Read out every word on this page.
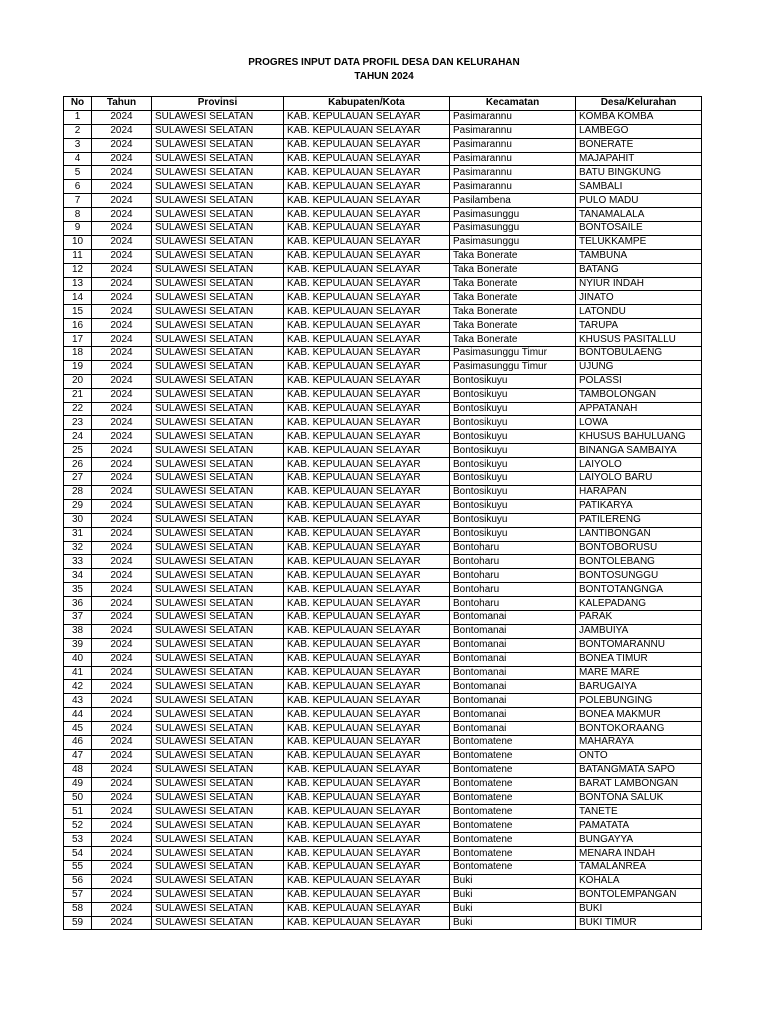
PROGRES INPUT DATA PROFIL DESA DAN KELURAHAN
TAHUN 2024
No	Tahun	Provinsi	Kabupaten/Kota	Kecamatan	Desa/Kelurahan
1	2024	SULAWESI SELATAN	KAB. KEPULAUAN SELAYAR	Pasimarannu	KOMBA KOMBA
2	2024	SULAWESI SELATAN	KAB. KEPULAUAN SELAYAR	Pasimarannu	LAMBEGO
3	2024	SULAWESI SELATAN	KAB. KEPULAUAN SELAYAR	Pasimarannu	BONERATE
4	2024	SULAWESI SELATAN	KAB. KEPULAUAN SELAYAR	Pasimarannu	MAJAPAHIT
5	2024	SULAWESI SELATAN	KAB. KEPULAUAN SELAYAR	Pasimarannu	BATU BINGKUNG
6	2024	SULAWESI SELATAN	KAB. KEPULAUAN SELAYAR	Pasimarannu	SAMBALI
7	2024	SULAWESI SELATAN	KAB. KEPULAUAN SELAYAR	Pasilambena	PULO MADU
8	2024	SULAWESI SELATAN	KAB. KEPULAUAN SELAYAR	Pasimasunggu	TANAMALALA
9	2024	SULAWESI SELATAN	KAB. KEPULAUAN SELAYAR	Pasimasunggu	BONTOSAILE
10	2024	SULAWESI SELATAN	KAB. KEPULAUAN SELAYAR	Pasimasunggu	TELUKKAMPE
11	2024	SULAWESI SELATAN	KAB. KEPULAUAN SELAYAR	Taka Bonerate	TAMBUNA
12	2024	SULAWESI SELATAN	KAB. KEPULAUAN SELAYAR	Taka Bonerate	BATANG
13	2024	SULAWESI SELATAN	KAB. KEPULAUAN SELAYAR	Taka Bonerate	NYIUR INDAH
14	2024	SULAWESI SELATAN	KAB. KEPULAUAN SELAYAR	Taka Bonerate	JINATO
15	2024	SULAWESI SELATAN	KAB. KEPULAUAN SELAYAR	Taka Bonerate	LATONDU
16	2024	SULAWESI SELATAN	KAB. KEPULAUAN SELAYAR	Taka Bonerate	TARUPA
17	2024	SULAWESI SELATAN	KAB. KEPULAUAN SELAYAR	Taka Bonerate	KHUSUS PASITALLU
18	2024	SULAWESI SELATAN	KAB. KEPULAUAN SELAYAR	Pasimasunggu Timur	BONTOBULAENG
19	2024	SULAWESI SELATAN	KAB. KEPULAUAN SELAYAR	Pasimasunggu Timur	UJUNG
20	2024	SULAWESI SELATAN	KAB. KEPULAUAN SELAYAR	Bontosikuyu	POLASSI
21	2024	SULAWESI SELATAN	KAB. KEPULAUAN SELAYAR	Bontosikuyu	TAMBOLONGAN
22	2024	SULAWESI SELATAN	KAB. KEPULAUAN SELAYAR	Bontosikuyu	APPATANAH
23	2024	SULAWESI SELATAN	KAB. KEPULAUAN SELAYAR	Bontosikuyu	LOWA
24	2024	SULAWESI SELATAN	KAB. KEPULAUAN SELAYAR	Bontosikuyu	KHUSUS BAHULUANG
25	2024	SULAWESI SELATAN	KAB. KEPULAUAN SELAYAR	Bontosikuyu	BINANGA SAMBAIYA
26	2024	SULAWESI SELATAN	KAB. KEPULAUAN SELAYAR	Bontosikuyu	LAIYOLO
27	2024	SULAWESI SELATAN	KAB. KEPULAUAN SELAYAR	Bontosikuyu	LAIYOLO BARU
28	2024	SULAWESI SELATAN	KAB. KEPULAUAN SELAYAR	Bontosikuyu	HARAPAN
29	2024	SULAWESI SELATAN	KAB. KEPULAUAN SELAYAR	Bontosikuyu	PATIKARYA
30	2024	SULAWESI SELATAN	KAB. KEPULAUAN SELAYAR	Bontosikuyu	PATILERENG
31	2024	SULAWESI SELATAN	KAB. KEPULAUAN SELAYAR	Bontosikuyu	LANTIBONGAN
32	2024	SULAWESI SELATAN	KAB. KEPULAUAN SELAYAR	Bontoharu	BONTOBORUSU
33	2024	SULAWESI SELATAN	KAB. KEPULAUAN SELAYAR	Bontoharu	BONTOLEBANG
34	2024	SULAWESI SELATAN	KAB. KEPULAUAN SELAYAR	Bontoharu	BONTOSUNGGU
35	2024	SULAWESI SELATAN	KAB. KEPULAUAN SELAYAR	Bontoharu	BONTOTANGNGA
36	2024	SULAWESI SELATAN	KAB. KEPULAUAN SELAYAR	Bontoharu	KALEPADANG
37	2024	SULAWESI SELATAN	KAB. KEPULAUAN SELAYAR	Bontomanai	PARAK
38	2024	SULAWESI SELATAN	KAB. KEPULAUAN SELAYAR	Bontomanai	JAMBUIYA
39	2024	SULAWESI SELATAN	KAB. KEPULAUAN SELAYAR	Bontomanai	BONTOMARANNU
40	2024	SULAWESI SELATAN	KAB. KEPULAUAN SELAYAR	Bontomanai	BONEA TIMUR
41	2024	SULAWESI SELATAN	KAB. KEPULAUAN SELAYAR	Bontomanai	MARE MARE
42	2024	SULAWESI SELATAN	KAB. KEPULAUAN SELAYAR	Bontomanai	BARUGAIYA
43	2024	SULAWESI SELATAN	KAB. KEPULAUAN SELAYAR	Bontomanai	POLEBUNGING
44	2024	SULAWESI SELATAN	KAB. KEPULAUAN SELAYAR	Bontomanai	BONEA MAKMUR
45	2024	SULAWESI SELATAN	KAB. KEPULAUAN SELAYAR	Bontomanai	BONTOKORAANG
46	2024	SULAWESI SELATAN	KAB. KEPULAUAN SELAYAR	Bontomatene	MAHARAYA
47	2024	SULAWESI SELATAN	KAB. KEPULAUAN SELAYAR	Bontomatene	ONTO
48	2024	SULAWESI SELATAN	KAB. KEPULAUAN SELAYAR	Bontomatene	BATANGMATA SAPO
49	2024	SULAWESI SELATAN	KAB. KEPULAUAN SELAYAR	Bontomatene	BARAT LAMBONGAN
50	2024	SULAWESI SELATAN	KAB. KEPULAUAN SELAYAR	Bontomatene	BONTONA SALUK
51	2024	SULAWESI SELATAN	KAB. KEPULAUAN SELAYAR	Bontomatene	TANETE
52	2024	SULAWESI SELATAN	KAB. KEPULAUAN SELAYAR	Bontomatene	PAMATATA
53	2024	SULAWESI SELATAN	KAB. KEPULAUAN SELAYAR	Bontomatene	BUNGAYYA
54	2024	SULAWESI SELATAN	KAB. KEPULAUAN SELAYAR	Bontomatene	MENARA INDAH
55	2024	SULAWESI SELATAN	KAB. KEPULAUAN SELAYAR	Bontomatene	TAMALANREA
56	2024	SULAWESI SELATAN	KAB. KEPULAUAN SELAYAR	Buki	KOHALA
57	2024	SULAWESI SELATAN	KAB. KEPULAUAN SELAYAR	Buki	BONTOLEMPANGAN
58	2024	SULAWESI SELATAN	KAB. KEPULAUAN SELAYAR	Buki	BUKI
59	2024	SULAWESI SELATAN	KAB. KEPULAUAN SELAYAR	Buki	BUKI TIMUR
